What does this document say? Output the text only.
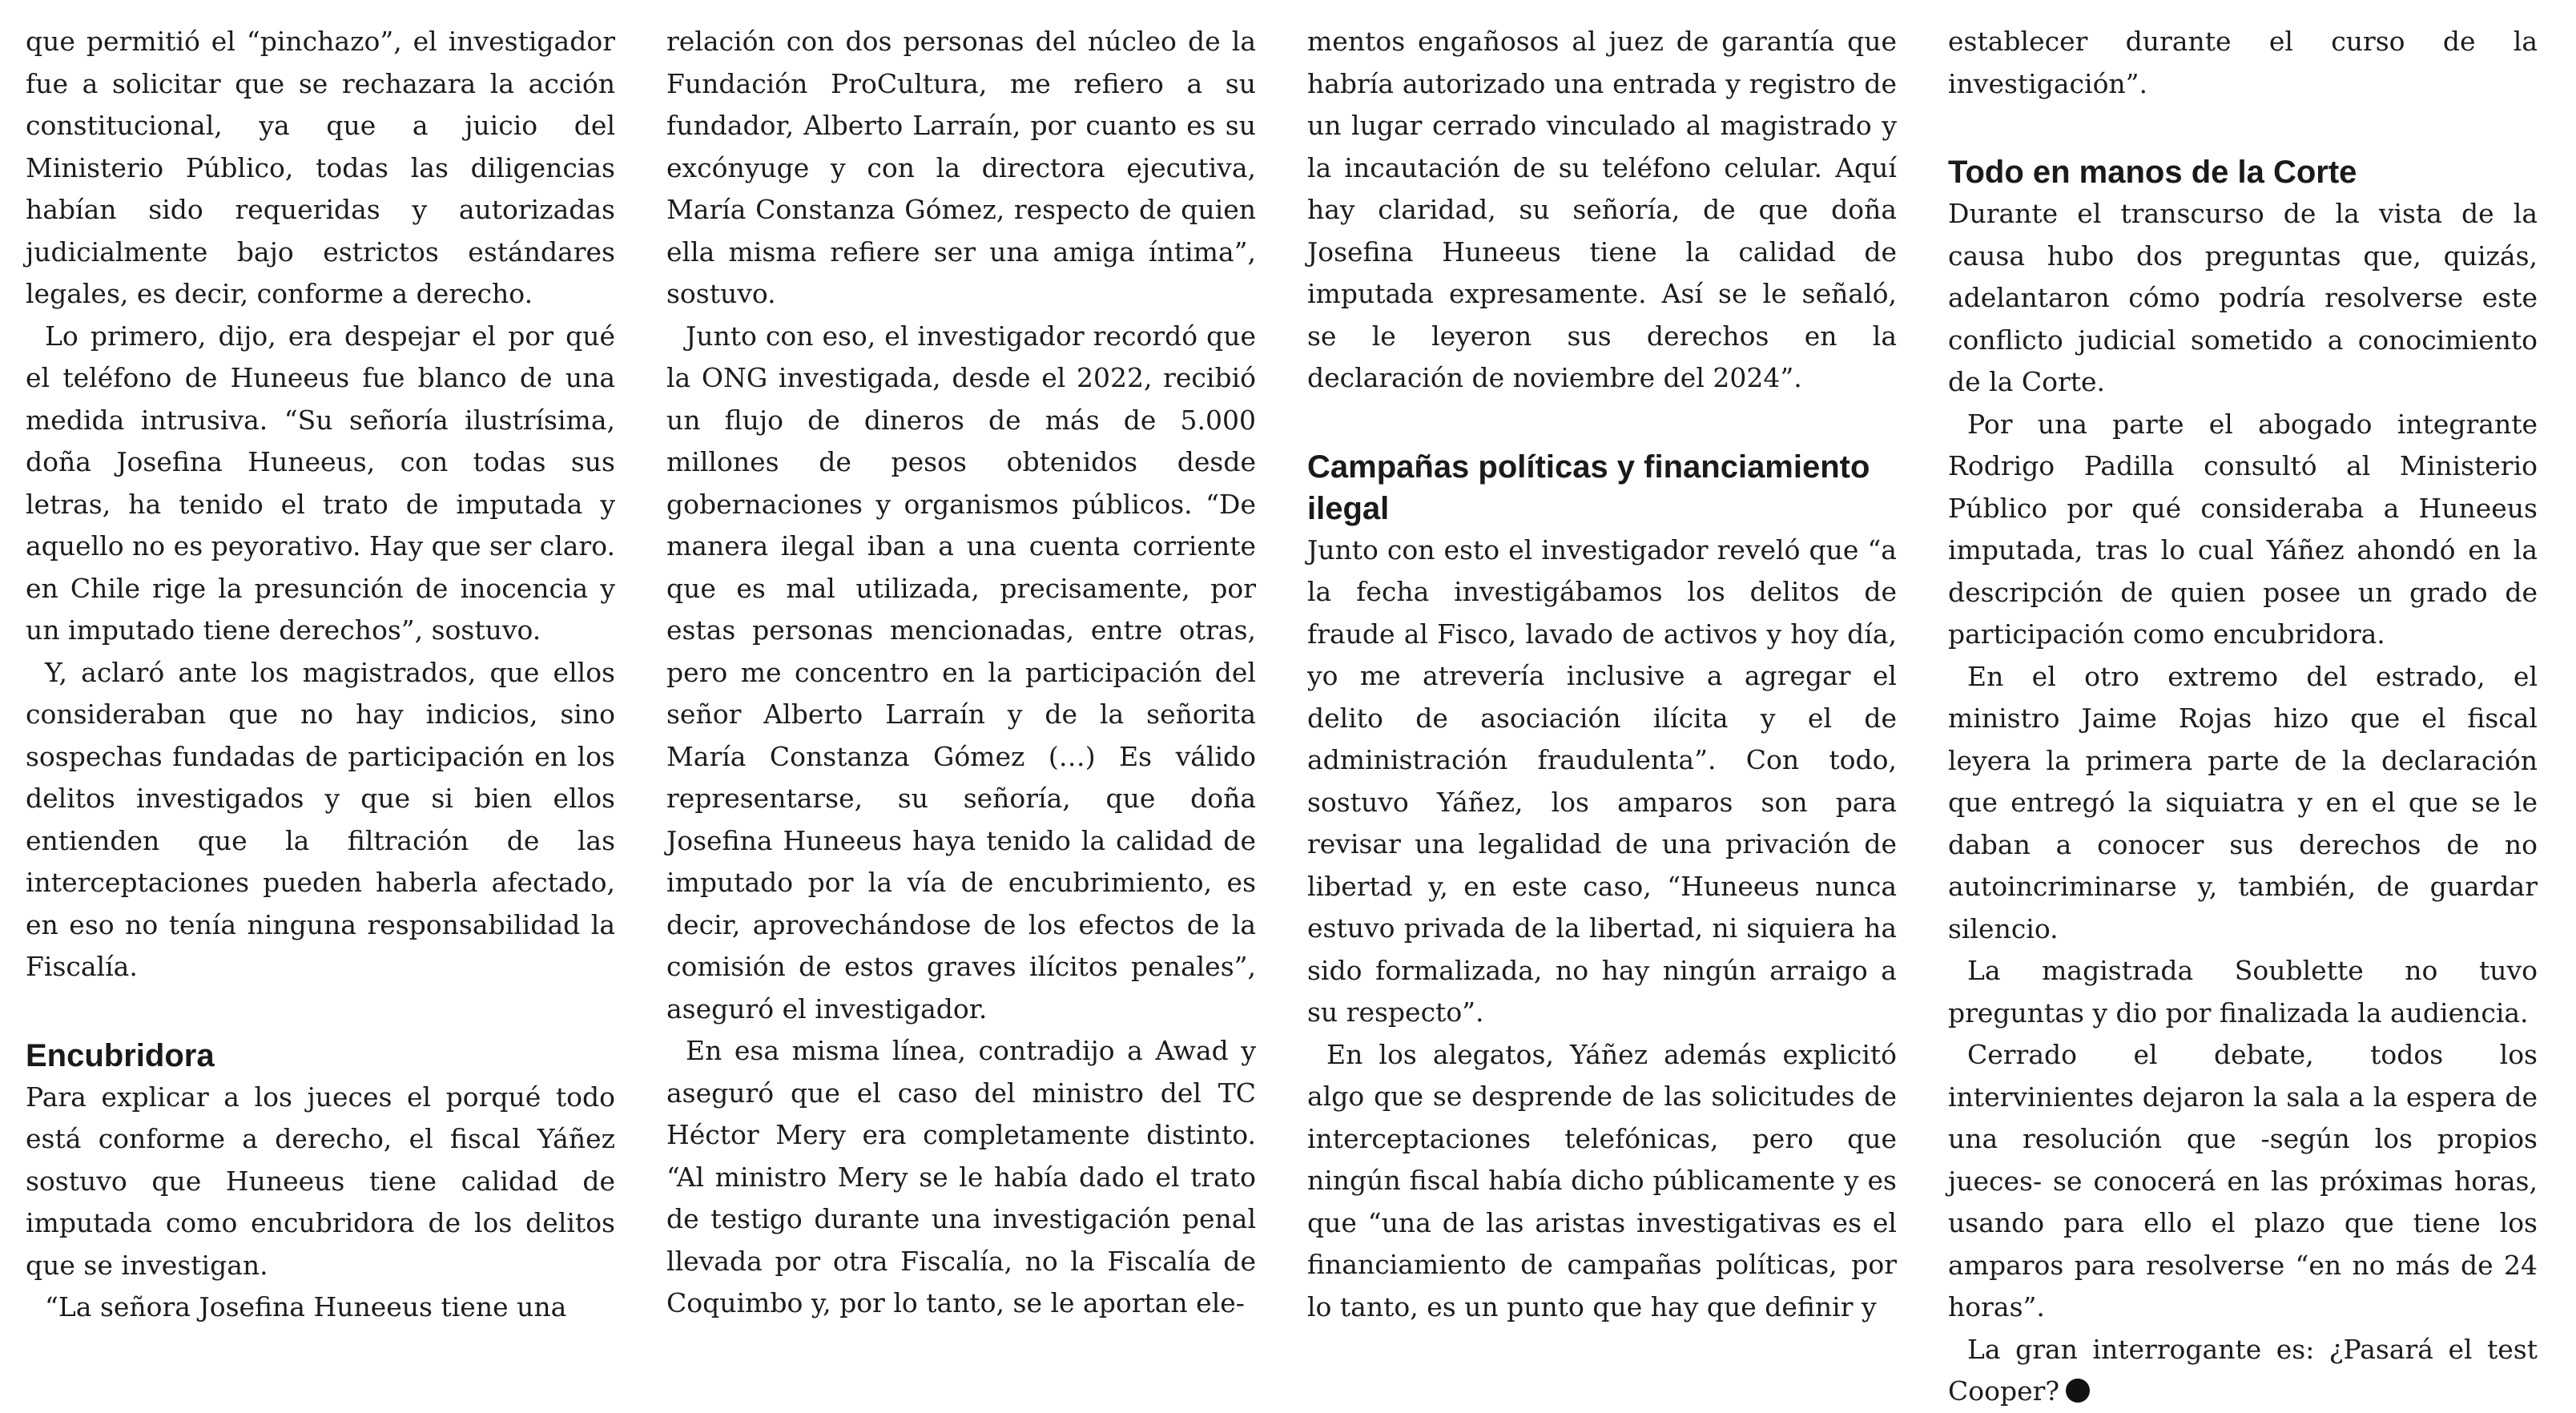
que permitió el “pinchazo”, el investigador fue a solicitar que se rechazara la acción constitucional, ya que a juicio del Ministerio Público, todas las diligencias habían sido requeridas y autorizadas judicialmente bajo estrictos estándares legales, es decir, conforme a derecho.

Lo primero, dijo, era despejar el por qué el teléfono de Huneeus fue blanco de una medida intrusiva. “Su señoría ilustrísima, doña Josefina Huneeus, con todas sus letras, ha tenido el trato de imputada y aquello no es peyorativo. Hay que ser claro. en Chile rige la presunción de inocencia y un imputado tiene derechos”, sostuvo.

Y, aclaró ante los magistrados, que ellos consideraban que no hay indicios, sino sospechas fundadas de participación en los delitos investigados y que si bien ellos entienden que la filtración de las interceptaciones pueden haberla afectado, en eso no tenía ninguna responsabilidad la Fiscalía.

Encubridora

Para explicar a los jueces el porqué todo está conforme a derecho, el fiscal Yáñez sostuvo que Huneeus tiene calidad de imputada como encubridora de los delitos que se investigan.

“La señora Josefina Huneeus tiene una

relación con dos personas del núcleo de la Fundación ProCultura, me refiero a su fundador, Alberto Larraín, por cuanto es su excónyuge y con la directora ejecutiva, María Constanza Gómez, respecto de quien ella misma refiere ser una amiga íntima”, sostuvo.

Junto con eso, el investigador recordó que la ONG investigada, desde el 2022, recibió un flujo de dineros de más de 5.000 millones de pesos obtenidos desde gobernaciones y organismos públicos. “De manera ilegal iban a una cuenta corriente que es mal utilizada, precisamente, por estas personas mencionadas, entre otras, pero me concentro en la participación del señor Alberto Larraín y de la señorita María Constanza Gómez (…) Es válido representarse, su señoría, que doña Josefina Huneeus haya tenido la calidad de imputado por la vía de encubrimiento, es decir, aprovechándose de los efectos de la comisión de estos graves ilícitos penales”, aseguró el investigador.

En esa misma línea, contradijo a Awad y aseguró que el caso del ministro del TC Héctor Mery era completamente distinto. “Al ministro Mery se le había dado el trato de testigo durante una investigación penal llevada por otra Fiscalía, no la Fiscalía de Coquimbo y, por lo tanto, se le aportan ele-

mentos engañosos al juez de garantía que habría autorizado una entrada y registro de un lugar cerrado vinculado al magistrado y la incautación de su teléfono celular. Aquí hay claridad, su señoría, de que doña Josefina Huneeus tiene la calidad de imputada expresamente. Así se le señaló, se le leyeron sus derechos en la declaración de noviembre del 2024”.

Campañas políticas y financiamiento ilegal

Junto con esto el investigador reveló que “a la fecha investigábamos los delitos de fraude al Fisco, lavado de activos y hoy día, yo me atrevería inclusive a agregar el delito de asociación ilícita y el de administración fraudulenta”. Con todo, sostuvo Yáñez, los amparos son para revisar una legalidad de una privación de libertad y, en este caso, “Huneeus nunca estuvo privada de la libertad, ni siquiera ha sido formalizada, no hay ningún arraigo a su respecto”.

En los alegatos, Yáñez además explicitó algo que se desprende de las solicitudes de interceptaciones telefónicas, pero que ningún fiscal había dicho públicamente y es que “una de las aristas investigativas es el financiamiento de campañas políticas, por lo tanto, es un punto que hay que definir y

establecer durante el curso de la investigación”.

Todo en manos de la Corte

Durante el transcurso de la vista de la causa hubo dos preguntas que, quizás, adelantaron cómo podría resolverse este conflicto judicial sometido a conocimiento de la Corte.

Por una parte el abogado integrante Rodrigo Padilla consultó al Ministerio Público por qué consideraba a Huneeus imputada, tras lo cual Yáñez ahondó en la descripción de quien posee un grado de participación como encubridora.

En el otro extremo del estrado, el ministro Jaime Rojas hizo que el fiscal leyera la primera parte de la declaración que entregó la siquiatra y en el que se le daban a conocer sus derechos de no autoincriminarse y, también, de guardar silencio.

La magistrada Soublette no tuvo preguntas y dio por finalizada la audiencia.

Cerrado el debate, todos los intervinientes dejaron la sala a la espera de una resolución que -según los propios jueces- se conocerá en las próximas horas, usando para ello el plazo que tiene los amparos para resolverse “en no más de 24 horas”.

La gran interrogante es: ¿Pasará el test Cooper?
